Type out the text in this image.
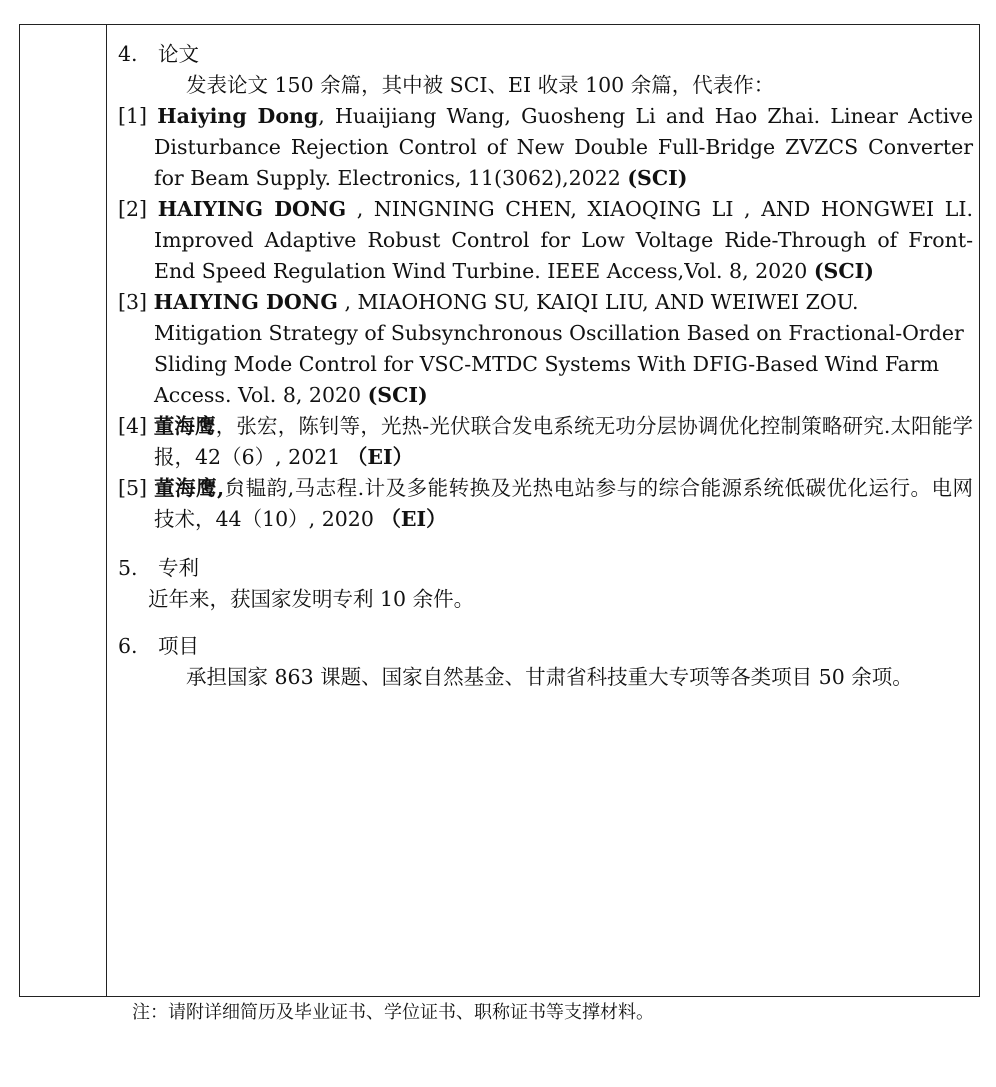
4. 论文

发表论文 150 余篇，其中被 SCI、EI 收录 100 余篇，代表作：

[1] Haiying Dong, Huaijiang Wang, Guosheng Li and Hao Zhai. Linear Active Disturbance Rejection Control of New Double Full-Bridge ZVZCS Converter for Beam Supply. Electronics, 11(3062),2022 (SCI)

[2] HAIYING DONG , NINGNING CHEN, XIAOQING LI , AND HONGWEI LI. Improved Adaptive Robust Control for Low Voltage Ride-Through of Front-End Speed Regulation Wind Turbine. IEEE Access,Vol. 8, 2020 (SCI)

[3] HAIYING DONG , MIAOHONG SU, KAIQI LIU, AND WEIWEI ZOU. Mitigation Strategy of Subsynchronous Oscillation Based on Fractional-Order Sliding Mode Control for VSC-MTDC Systems With DFIG-Based Wind Farm Access. Vol. 8, 2020 (SCI)

[4] 董海鹰，张宏，陈钊等，光热-光伏联合发电系统无功分层协调优化控制策略研究.太阳能学报，42（6）, 2021 （EI）

[5] 董海鹰,贠韫韵,马志程.计及多能转换及光热电站参与的综合能源系统低碳优化运行。电网技术，44（10）, 2020 （EI）

5. 专利

近年来，获国家发明专利 10 余件。

6. 项目

承担国家 863 课题、国家自然基金、甘肃省科技重大专项等各类项目 50 余项。

注：请附详细简历及毕业证书、学位证书、职称证书等支撑材料。
